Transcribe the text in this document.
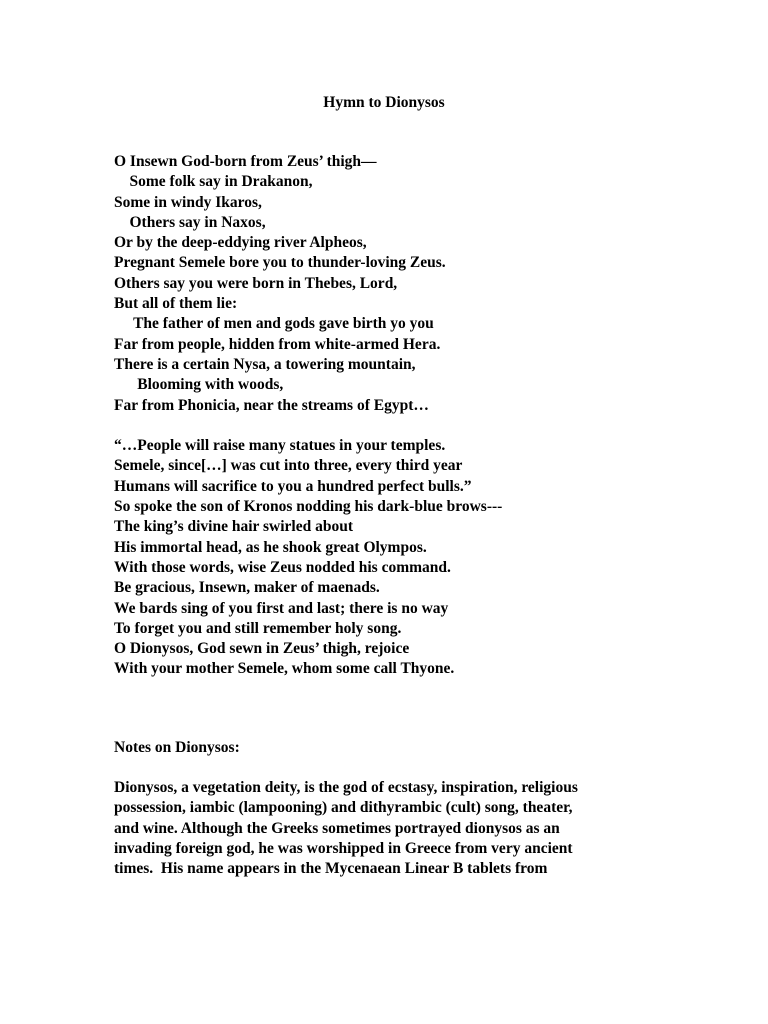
Hymn to Dionysos
O Insewn God-born from Zeus’ thigh—
Some folk say in Drakanon,
Some in windy Ikaros,
Others say in Naxos,
Or by the deep-eddying river Alpheos,
Pregnant Semele bore you to thunder-loving Zeus.
Others say you were born in Thebes, Lord,
But all of them lie:
The father of men and gods gave birth yo you
Far from people, hidden from white-armed Hera.
There is a certain Nysa, a towering mountain,
Blooming with woods,
Far from Phonicia, near the streams of Egypt…
“…People will raise many statues in your temples.
Semele, since[…] was cut into three, every third year
Humans will sacrifice to you a hundred perfect bulls.”
So spoke the son of Kronos nodding his dark-blue brows---
The king’s divine hair swirled about
His immortal head, as he shook great Olympos.
With those words, wise Zeus nodded his command.
Be gracious, Insewn, maker of maenads.
We bards sing of you first and last; there is no way
To forget you and still remember holy song.
O Dionysos, God sewn in Zeus’ thigh, rejoice
With your mother Semele, whom some call Thyone.
Notes on Dionysos:
Dionysos, a vegetation deity, is the god of ecstasy, inspiration, religious
possession, iambic (lampooning) and dithyrambic (cult) song, theater,
and wine. Although the Greeks sometimes portrayed dionysos as an
invading foreign god, he was worshipped in Greece from very ancient
times.  His name appears in the Mycenaean Linear B tablets from
